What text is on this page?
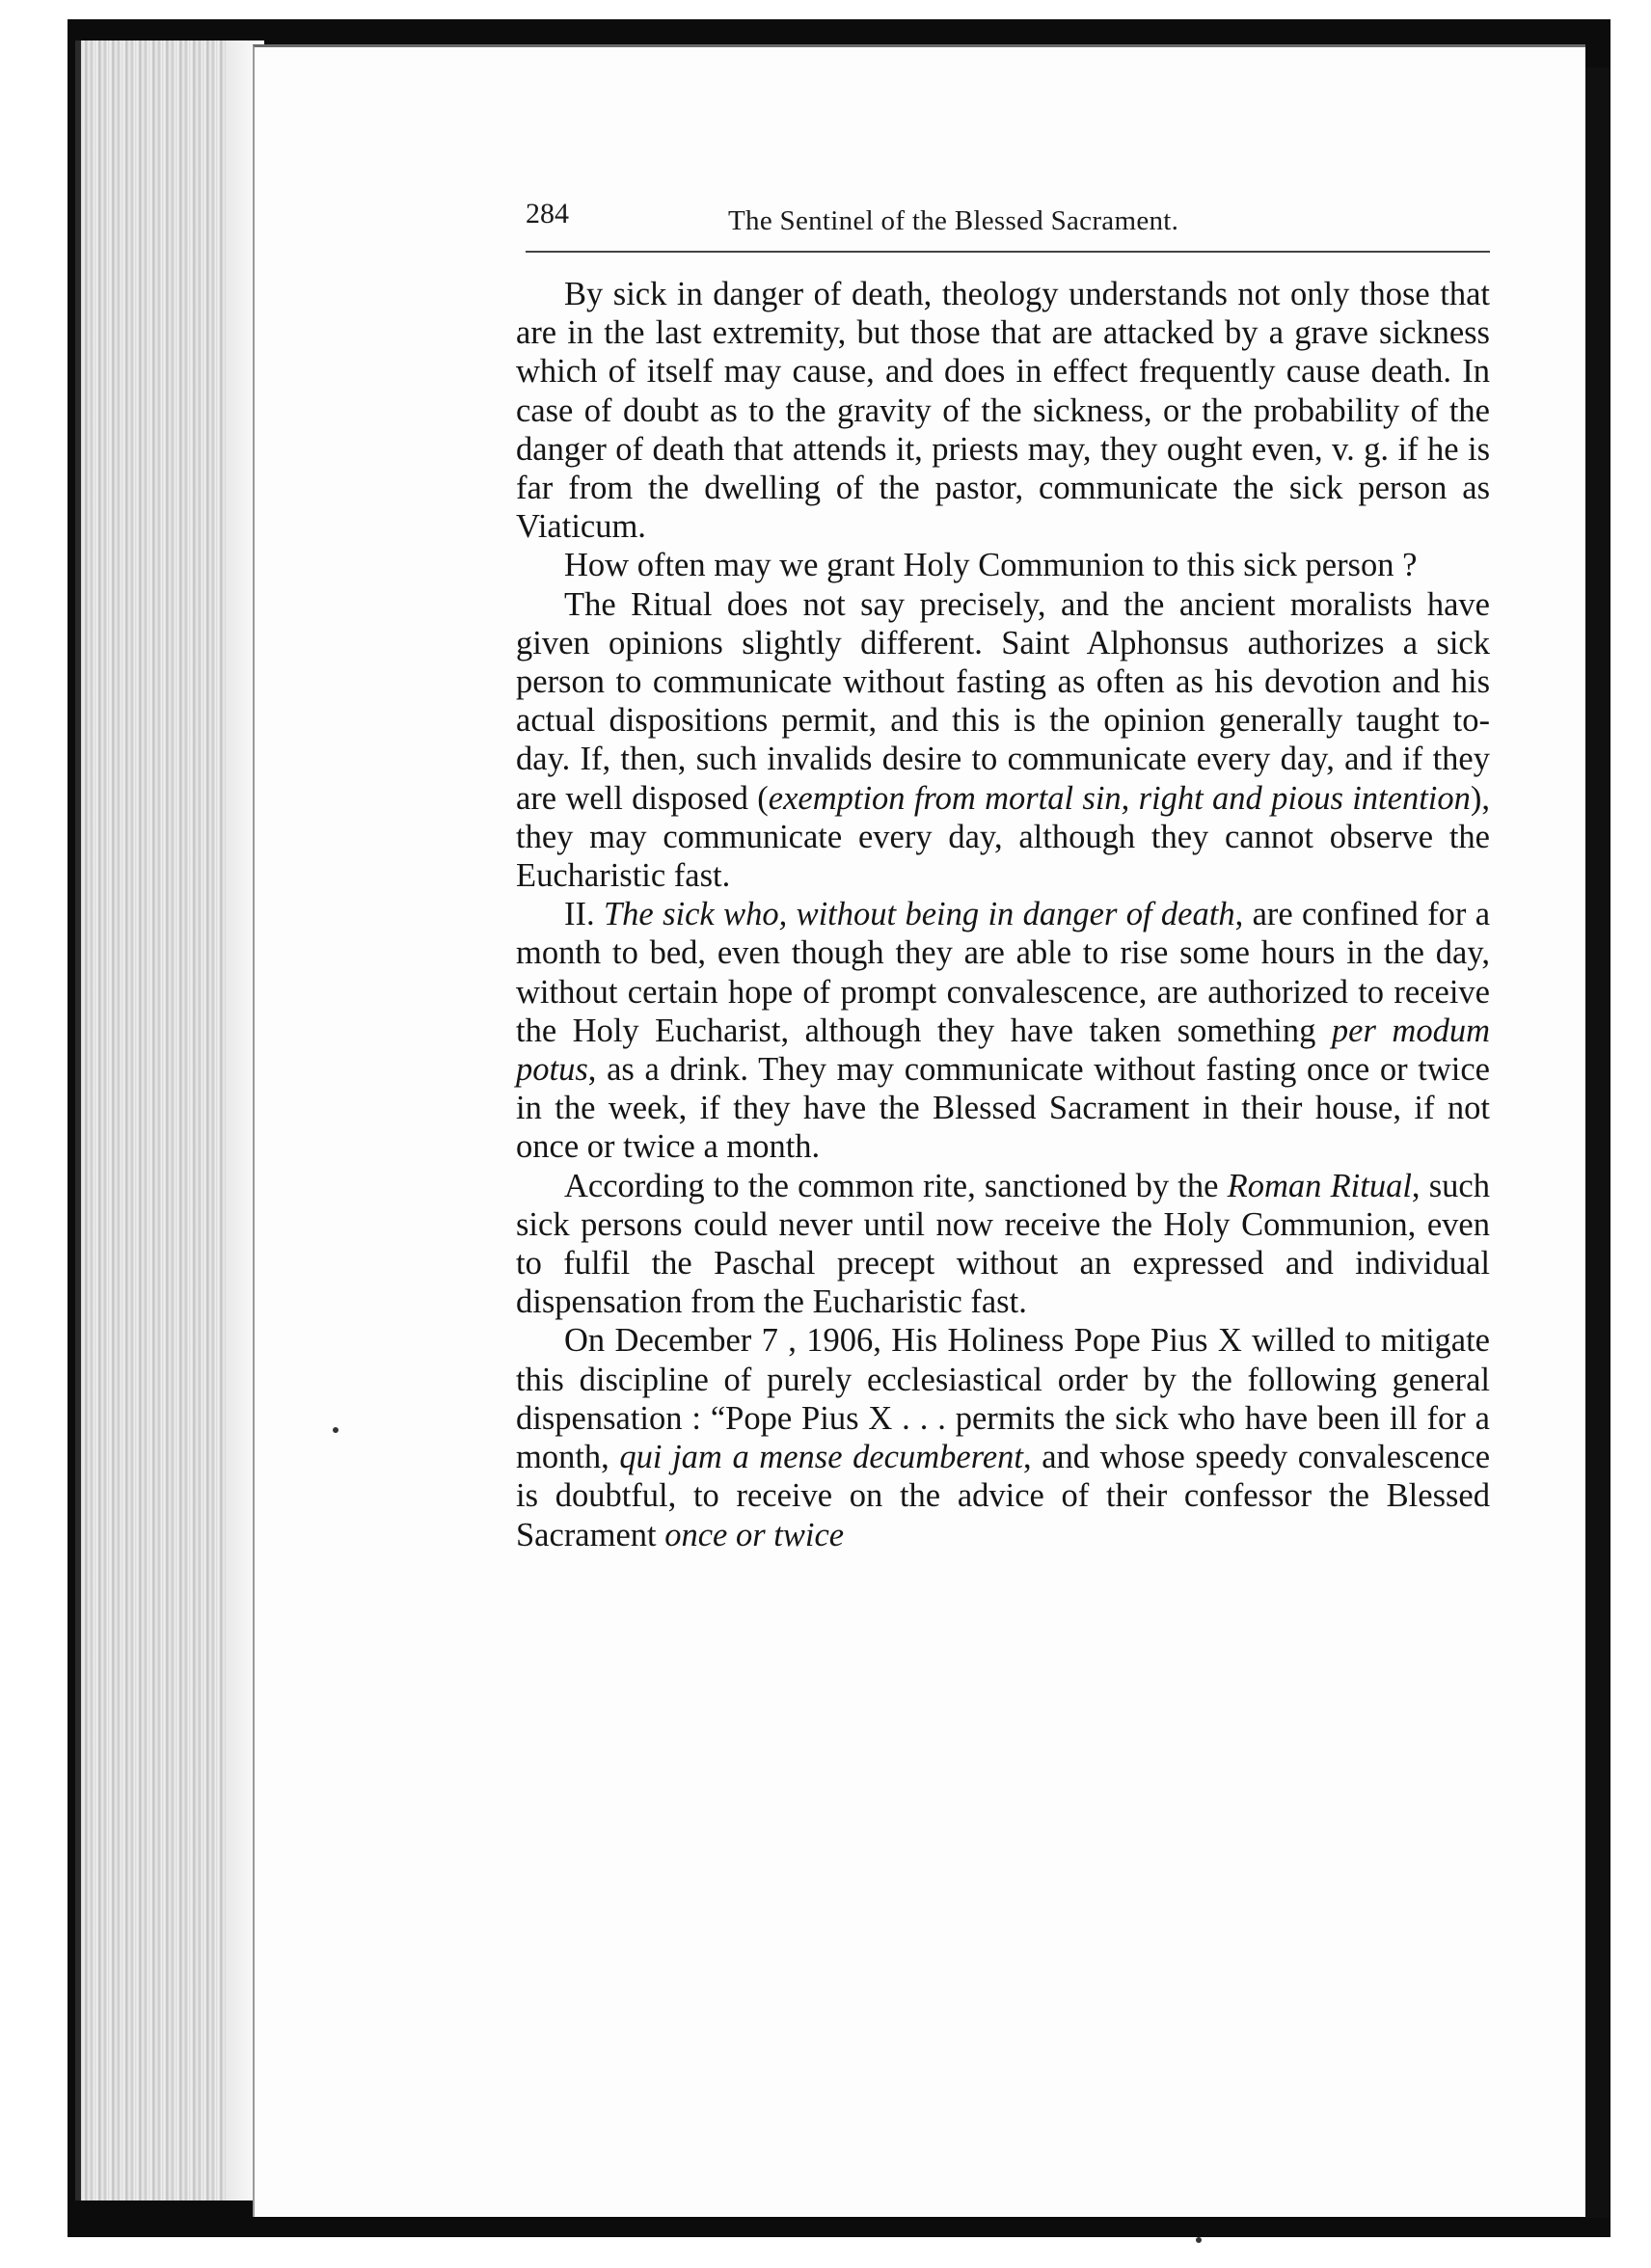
284	The Sentinel of the Blessed Sacrament.

By sick in danger of death, theology understands not only those that are in the last extremity, but those that are attacked by a grave sickness which of itself may cause, and does in effect frequently cause death. In case of doubt as to the gravity of the sickness, or the probability of the danger of death that attends it, priests may, they ought even, v. g. if he is far from the dwelling of the pastor, communicate the sick person as Viaticum.

How often may we grant Holy Communion to this sick person ?

The Ritual does not say precisely, and the ancient moralists have given opinions slightly different. Saint Alphonsus authorizes a sick person to communicate without fasting as often as his devotion and his actual dispositions permit, and this is the opinion generally taught to-day. If, then, such invalids desire to communicate every day, and if they are well disposed (exemption from mortal sin, right and pious intention), they may communicate every day, although they cannot observe the Eucharistic fast.

II. The sick who, without being in danger of death, are confined for a month to bed, even though they are able to rise some hours in the day, without certain hope of prompt convalescence, are authorized to receive the Holy Eucharist, although they have taken something per modum potus, as a drink. They may communicate without fasting once or twice in the week, if they have the Blessed Sacrament in their house, if not once or twice a month.

According to the common rite, sanctioned by the Roman Ritual, such sick persons could never until now receive the Holy Communion, even to fulfil the Paschal precept without an expressed and individual dispensation from the Eucharistic fast.

On December 7 , 1906, His Holiness Pope Pius X willed to mitigate this discipline of purely ecclesiastical order by the following general dispensation : “Pope Pius X . . . permits the sick who have been ill for a month, qui jam a mense decumberent, and whose speedy convalescence is doubtful, to receive on the advice of their confessor the Blessed Sacrament once or twice
